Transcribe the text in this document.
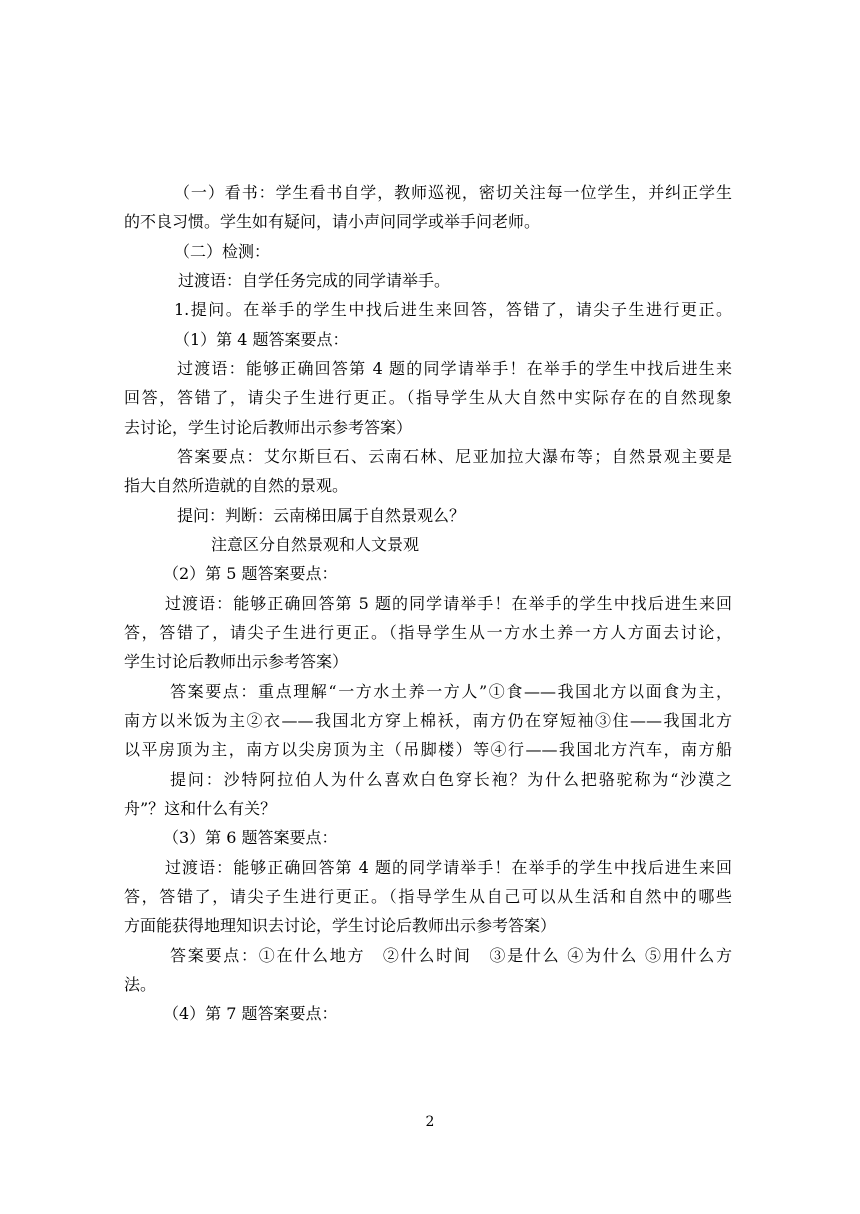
（一）看书：学生看书自学，教师巡视，密切关注每一位学生，并纠正学生
的不良习惯。学生如有疑问，请小声问同学或举手问老师。
（二）检测：
过渡语：自学任务完成的同学请举手。
1.提问。在举手的学生中找后进生来回答，答错了，请尖子生进行更正。
（1）第 4 题答案要点：
过渡语：能够正确回答第 4 题的同学请举手！在举手的学生中找后进生来
回答，答错了，请尖子生进行更正。（指导学生从大自然中实际存在的自然现象
去讨论，学生讨论后教师出示参考答案）
答案要点：艾尔斯巨石、云南石林、尼亚加拉大瀑布等；自然景观主要是
指大自然所造就的自然的景观。
提问：判断：云南梯田属于自然景观么？
注意区分自然景观和人文景观
（2）第 5 题答案要点：
过渡语：能够正确回答第 5 题的同学请举手！在举手的学生中找后进生来回
答，答错了，请尖子生进行更正。（指导学生从一方水土养一方人方面去讨论，
学生讨论后教师出示参考答案）
答案要点：重点理解“一方水土养一方人”①食——我国北方以面食为主，
南方以米饭为主②衣——我国北方穿上棉袄，南方仍在穿短袖③住——我国北方
以平房顶为主，南方以尖房顶为主（吊脚楼）等④行——我国北方汽车，南方船
提问：沙特阿拉伯人为什么喜欢白色穿长袍？为什么把骆驼称为“沙漠之
舟”？这和什么有关？
（3）第 6 题答案要点：
过渡语：能够正确回答第 4 题的同学请举手！在举手的学生中找后进生来回
答，答错了，请尖子生进行更正。（指导学生从自己可以从生活和自然中的哪些
方面能获得地理知识去讨论，学生讨论后教师出示参考答案）
答案要点：①在什么地方　②什么时间　③是什么 ④为什么 ⑤用什么方
法。
（4）第 7 题答案要点：
2
